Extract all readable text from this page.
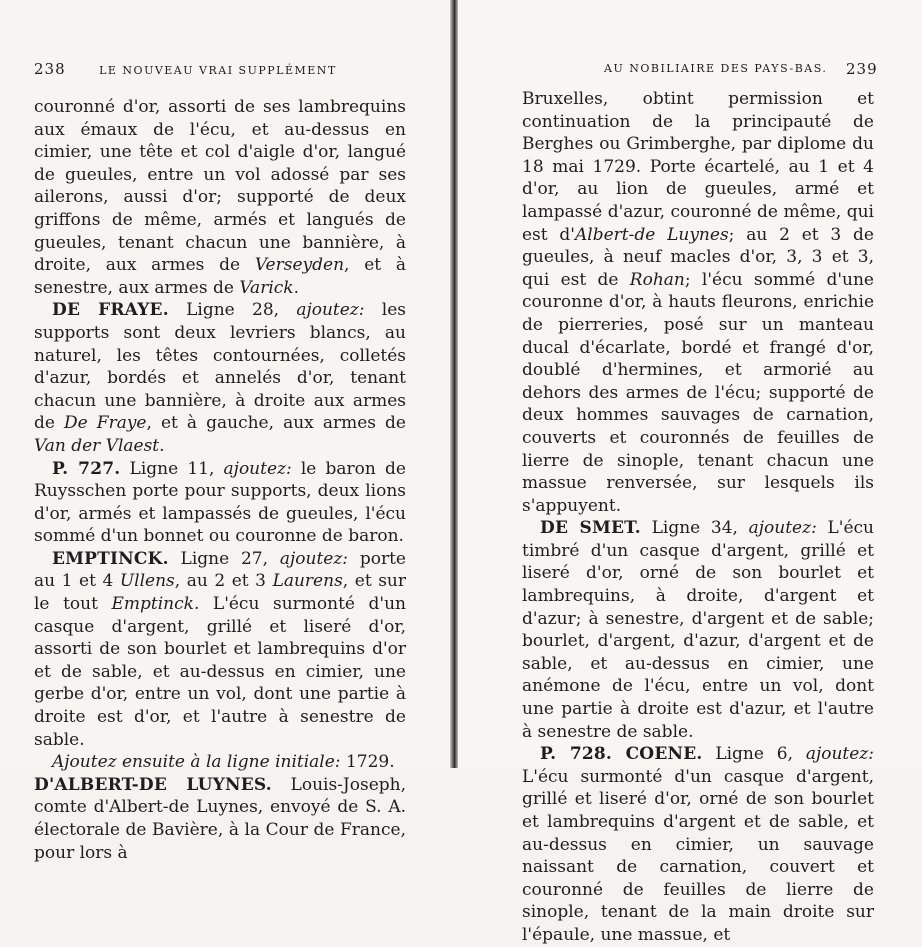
238	LE NOUVEAU VRAI SUPPLÉMENT

couronné d'or, assorti de ses lambrequins aux émaux de l'écu, et au-dessus en cimier, une tête et col d'aigle d'or, langué de gueules, entre un vol adossé par ses ailerons, aussi d'or; supporté de deux griffons de même, armés et langués de gueules, tenant chacun une bannière, à droite, aux armes de Verseyden, et à senestre, aux armes de Varick.

DE FRAYE. Ligne 28, ajoutez: les supports sont deux levriers blancs, au naturel, les têtes contournées, colletés d'azur, bordés et annelés d'or, tenant chacun une bannière, à droite aux armes de De Fraye, et à gauche, aux armes de Van der Vlaest.

P. 727. Ligne 11, ajoutez: le baron de Ruysschen porte pour supports, deux lions d'or, armés et lampassés de gueules, l'écu sommé d'un bonnet ou couronne de baron.

EMPTINCK. Ligne 27, ajoutez: porte au 1 et 4 Ullens, au 2 et 3 Laurens, et sur le tout Emptinck. L'écu surmonté d'un casque d'argent, grillé et liseré d'or, assorti de son bourlet et lambrequins d'or et de sable, et au-dessus en cimier, une gerbe d'or, entre un vol, dont une partie à droite est d'or, et l'autre à senestre de sable.

Ajoutez ensuite à la ligne initiale: 1729.

D'ALBERT-DE LUYNES. Louis-Joseph, comte d'Albert-de Luynes, envoyé de S. A. électorale de Bavière, à la Cour de France, pour lors à

AU NOBILIAIRE DES PAYS-BAS. 239

Bruxelles, obtint permission et continuation de la principauté de Berghes ou Grimberghe, par diplome du 18 mai 1729. Porte écartelé, au 1 et 4 d'or, au lion de gueules, armé et lampassé d'azur, couronné de même, qui est d'Albert-de Luynes; au 2 et 3 de gueules, à neuf macles d'or, 3, 3 et 3, qui est de Rohan; l'écu sommé d'une couronne d'or, à hauts fleurons, enrichie de pierreries, posé sur un manteau ducal d'écarlate, bordé et frangé d'or, doublé d'hermines, et armorié au dehors des armes de l'écu; supporté de deux hommes sauvages de carnation, couverts et couronnés de feuilles de lierre de sinople, tenant chacun une massue renversée, sur lesquels ils s'appuyent.

DE SMET. Ligne 34, ajoutez: L'écu timbré d'un casque d'argent, grillé et liseré d'or, orné de son bourlet et lambrequins, à droite, d'argent et d'azur; à senestre, d'argent et de sable; bourlet, d'argent, d'azur, d'argent et de sable, et au-dessus en cimier, une anémone de l'écu, entre un vol, dont une partie à droite est d'azur, et l'autre à senestre de sable.

P. 728. COENE. Ligne 6, ajoutez: L'écu surmonté d'un casque d'argent, grillé et liseré d'or, orné de son bourlet et lambrequins d'argent et de sable, et au-dessus en cimier, un sauvage naissant de carnation, couvert et couronné de feuilles de lierre de sinople, tenant de la main droite sur l'épaule, une massue, et
